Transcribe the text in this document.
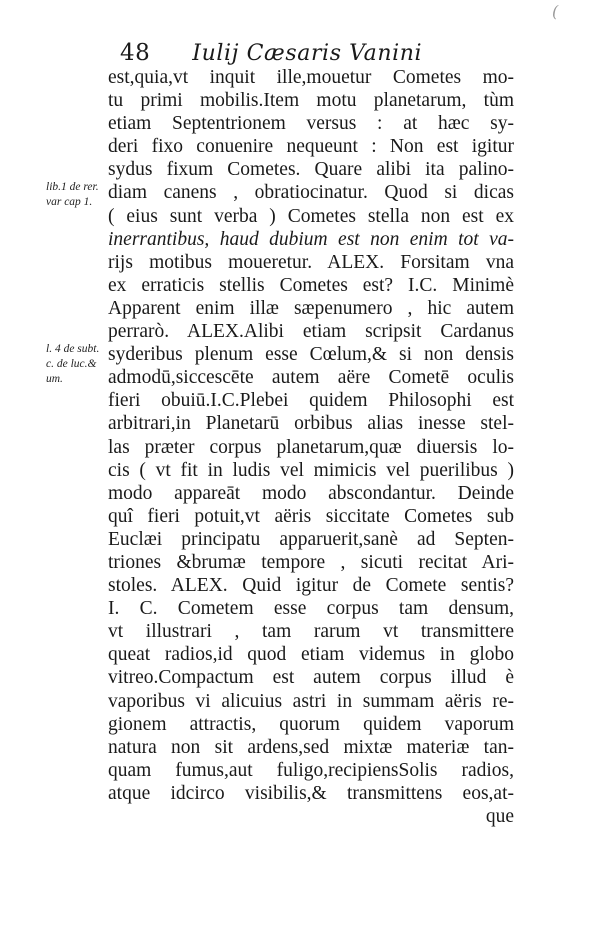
(
48 Iulij Cæsaris Vanini
lib.1 de rer.
var cap 1.
l. 4 de subt.
c. de luc.&
um.
est,quia,vt inquit ille,mouetur Cometes mo-
tu primi mobilis.Item motu planetarum, tùm
etiam Septentrionem versus : at hæc sy-
deri fixo conuenire nequeunt : Non est igitur
sydus fixum Cometes. Quare alibi ita palino-
diam canens , obratiocinatur. Quod si dicas
( eius sunt verba ) Cometes stella non est ex
inerrantibus, haud dubium est non enim tot va-
rijs motibus moueretur. ALEX. Forsitam vna
ex erraticis stellis Cometes est? I.C. Minimè
Apparent enim illæ sæpenumero , hic autem
perrarò. ALEX.Alibi etiam scripsit Cardanus
syderibus plenum esse Cœlum,& si non densis
admodū,siccescēte autem aëre Cometē oculis
fieri obuiū.I.C.Plebei quidem Philosophi est
arbitrari,in Planetarū orbibus alias inesse stel-
las præter corpus planetarum,quæ diuersis lo-
cis ( vt fit in ludis vel mimicis vel puerilibus )
modo appareāt modo abscondantur. Deinde
quî fieri potuit,vt aëris siccitate Cometes sub
Euclæi principatu apparuerit,sanè ad Septen-
triones &brumæ tempore , sicuti recitat Ari-
stoles. ALEX. Quid igitur de Comete sentis?
I. C. Cometem esse corpus tam densum,
vt illustrari , tam rarum vt transmittere
queat radios,id quod etiam videmus in globo
vitreo.Compactum est autem corpus illud è
vaporibus vi alicuius astri in summam aëris re-
gionem attractis, quorum quidem vaporum
natura non sit ardens,sed mixtæ materiæ tan-
quam fumus,aut fuligo,recipiensSolis radios,
atque idcirco visibilis,& transmittens eos,at-
que
